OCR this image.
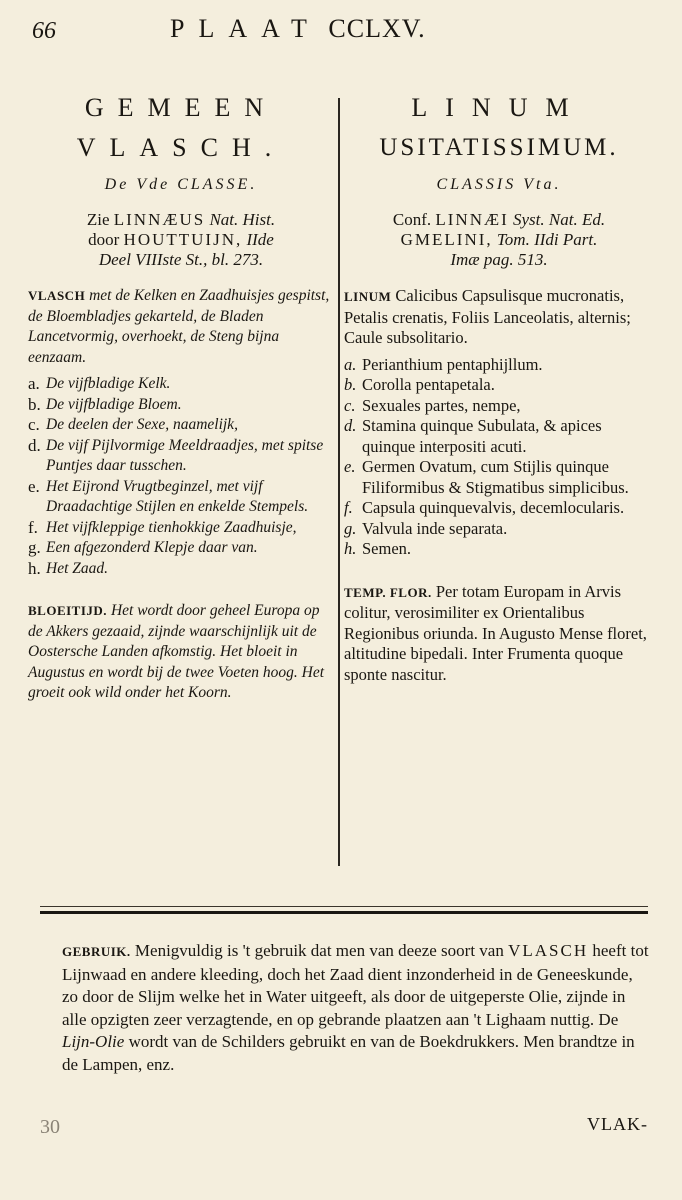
66	PLAAT CCLXV.
GEMEEN
VLASCH.
De Vde CLASSE.
Zie LINNÆUS Nat. Hist.
door HOUTTUIJN, IIde
Deel VIIIste St., bl. 273.
VLASCH met de Kelken en Zaadhuisjes gespitst, de Bloembladjes gekarteld, de Bladen Lancetvormig, overhoekt, de Steng bijna eenzaam.
a. De vijfbladige Kelk.
b. De vijfbladige Bloem.
c. De deelen der Sexe, naamelijk,
d. De vijf Pijlvormige Meeldraadjes, met spitse Puntjes daar tusschen.
e. Het Eijrond Vrugtbeginzel, met vijf Draadachtige Stijlen en enkelde Stempels.
f. Het vijfkleppige tienhokkige Zaadhuisje,
g. Een afgezonderd Klepje daar van.
h. Het Zaad.
BLOEITIJD. Het wordt door geheel Europa op de Akkers gezaaid, zijnde waarschijnlijk uit de Oostersche Landen afkomstig. Het bloeit in Augustus en wordt bij de twee Voeten hoog. Het groeit ook wild onder het Koorn.
LINUM
USITATISSIMUM.
CLASSIS Vta.
Conf. LINNÆI Syst. Nat. Ed.
GMELINI, Tom. IIdi Part.
Imæ pag. 513.
LINUM Calicibus Capsulisque mucronatis, Petalis crenatis, Foliis Lanceolatis, alternis; Caule subsolitario.
a. Perianthium pentaphijllum.
b. Corolla pentapetala.
c. Sexuales partes, nempe,
d. Stamina quinque Subulata, & apices quinque interpositi acuti.
e. Germen Ovatum, cum Stijlis quinque Filiformibus & Stigmatibus simplicibus.
f. Capsula quinquevalvis, decemlocularis.
g. Valvula inde separata.
h. Semen.
TEMP. FLOR. Per totam Europam in Arvis colitur, verosimiliter ex Orientalibus Regionibus oriunda. In Augusto Mense floret, altitudine bipedali. Inter Frumenta quoque sponte nascitur.
GEBRUIK. Menigvuldig is 't gebruik dat men van deeze soort van VLASCH heeft tot Lijnwaad en andere kleeding, doch het Zaad dient inzonderheid in de Geneeskunde, zo door de Slijm welke het in Water uitgeeft, als door de uitgeperste Olie, zijnde in alle opzigten zeer verzagtende, en op gebrande plaatzen aan 't Lighaam nuttig. De Lijn-Olie wordt van de Schilders gebruikt en van de Boekdrukkers. Men brandtze in de Lampen, enz.
30	VLAK-
